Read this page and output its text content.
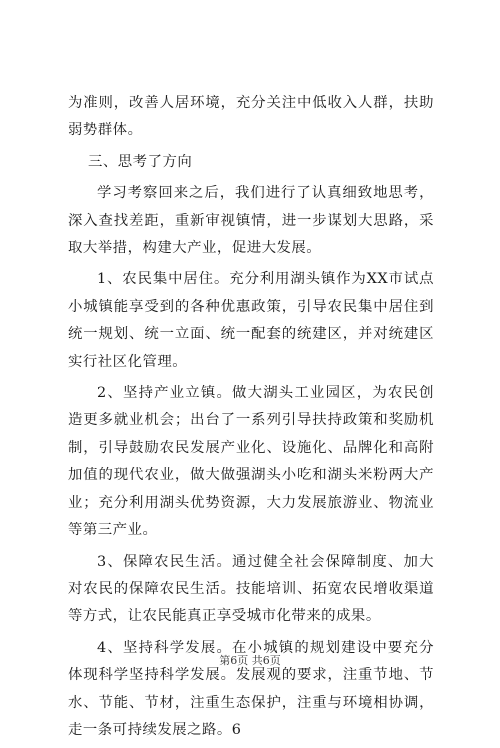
为准则，改善人居环境，充分关注中低收入人群，扶助弱势群体。

三、思考了方向

学习考察回来之后，我们进行了认真细致地思考，深入查找差距，重新审视镇情，进一步谋划大思路，采取大举措，构建大产业，促进大发展。

1、农民集中居住。充分利用湖头镇作为XX市试点小城镇能享受到的各种优惠政策，引导农民集中居住到统一规划、统一立面、统一配套的统建区，并对统建区实行社区化管理。

2、坚持产业立镇。做大湖头工业园区，为农民创造更多就业机会；出台了一系列引导扶持政策和奖励机制，引导鼓励农民发展产业化、设施化、品牌化和高附加值的现代农业，做大做强湖头小吃和湖头米粉两大产业；充分利用湖头优势资源，大力发展旅游业、物流业等第三产业。

3、保障农民生活。通过健全社会保障制度、加大对农民的保障农民生活。技能培训、拓宽农民增收渠道等方式，让农民能真正享受城市化带来的成果。

4、坚持科学发展。在小城镇的规划建设中要充分体现科学坚持科学发展。发展观的要求，注重节地、节水、节能、节材，注重生态保护，注重与环境相协调，走一条可持续发展之路。6

第6页 共6页
